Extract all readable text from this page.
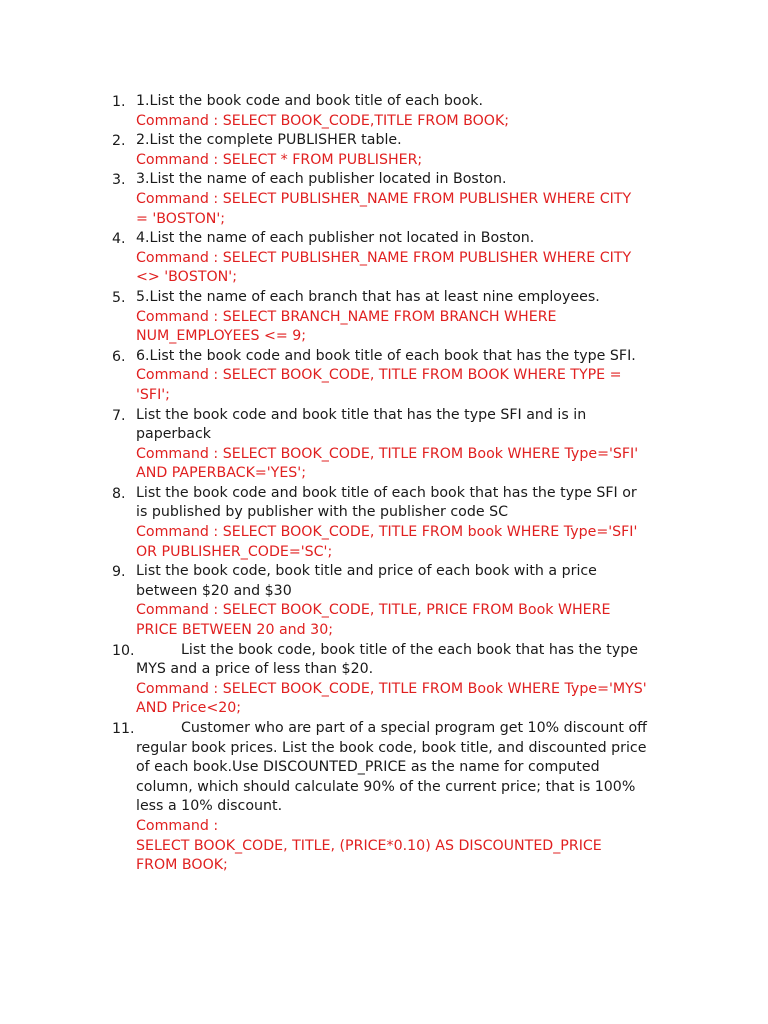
1. 1.List the book code and book title of each book.
Command : SELECT BOOK_CODE,TITLE FROM BOOK;
2. 2.List the complete PUBLISHER table.
Command : SELECT * FROM PUBLISHER;
3. 3.List the name of each publisher located in Boston.
Command : SELECT PUBLISHER_NAME FROM PUBLISHER WHERE CITY
= 'BOSTON';
4. 4.List the name of each publisher not located in Boston.
Command : SELECT PUBLISHER_NAME FROM PUBLISHER WHERE CITY
<> 'BOSTON';
5. 5.List the name of each branch that has at least nine employees.
Command : SELECT BRANCH_NAME FROM BRANCH WHERE
NUM_EMPLOYEES <= 9;
6. 6.List the book code and book title of each book that has the type SFI.
Command : SELECT BOOK_CODE, TITLE FROM BOOK WHERE TYPE =
'SFI';
7. List the book code and book title that has the type SFI and is in
paperback
Command : SELECT BOOK_CODE, TITLE FROM Book WHERE Type='SFI'
AND PAPERBACK='YES';
8. List the book code and book title of each book that has the type SFI or
is published by publisher with the publisher code SC
Command : SELECT BOOK_CODE, TITLE FROM book WHERE Type='SFI'
OR PUBLISHER_CODE='SC';
9. List the book code, book title and price of each book with a price
between $20 and $30
Command : SELECT BOOK_CODE, TITLE, PRICE FROM Book WHERE
PRICE BETWEEN 20 and 30;
10.	List the book code, book title of the each book that has the type
MYS and a price of less than $20.
Command : SELECT BOOK_CODE, TITLE FROM Book WHERE Type='MYS'
AND Price<20;
11.	Customer who are part of a special program get 10% discount off
regular book prices. List the book code, book title, and discounted price
of each book.Use DISCOUNTED_PRICE as the name for computed
column, which should calculate 90% of the current price; that is 100%
less a 10% discount.
Command :
SELECT BOOK_CODE, TITLE, (PRICE*0.10) AS DISCOUNTED_PRICE
FROM BOOK;
